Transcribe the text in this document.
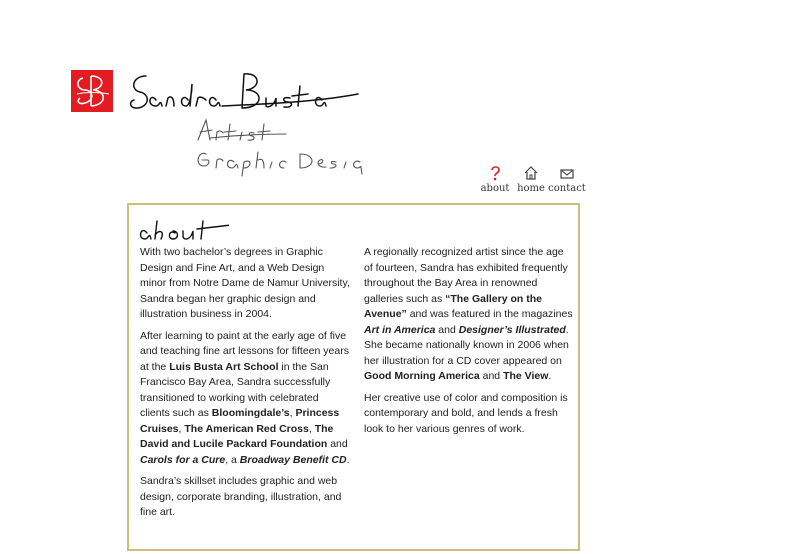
about home contact

With two bachelor’s degrees in Graphic Design and Fine Art, and a Web Design minor from Notre Dame de Namur University, Sandra began her graphic design and illustration business in 2004.

After learning to paint at the early age of five and teaching fine art lessons for fifteen years at the Luis Busta Art School in the San Francisco Bay Area, Sandra successfully transitioned to working with celebrated clients such as Bloomingdale’s, Princess Cruises, The American Red Cross, The David and Lucile Packard Foundation and Carols for a Cure, a Broadway Benefit CD.

Sandra’s skillset includes graphic and web design, corporate branding, illustration, and fine art.

A regionally recognized artist since the age of fourteen, Sandra has exhibited frequently throughout the Bay Area in renowned galleries such as “The Gallery on the Avenue” and was featured in the magazines Art in America and Designer’s Illustrated. She became nationally known in 2006 when her illustration for a CD cover appeared on Good Morning America and The View.

Her creative use of color and composition is contemporary and bold, and lends a fresh look to her various genres of work.
